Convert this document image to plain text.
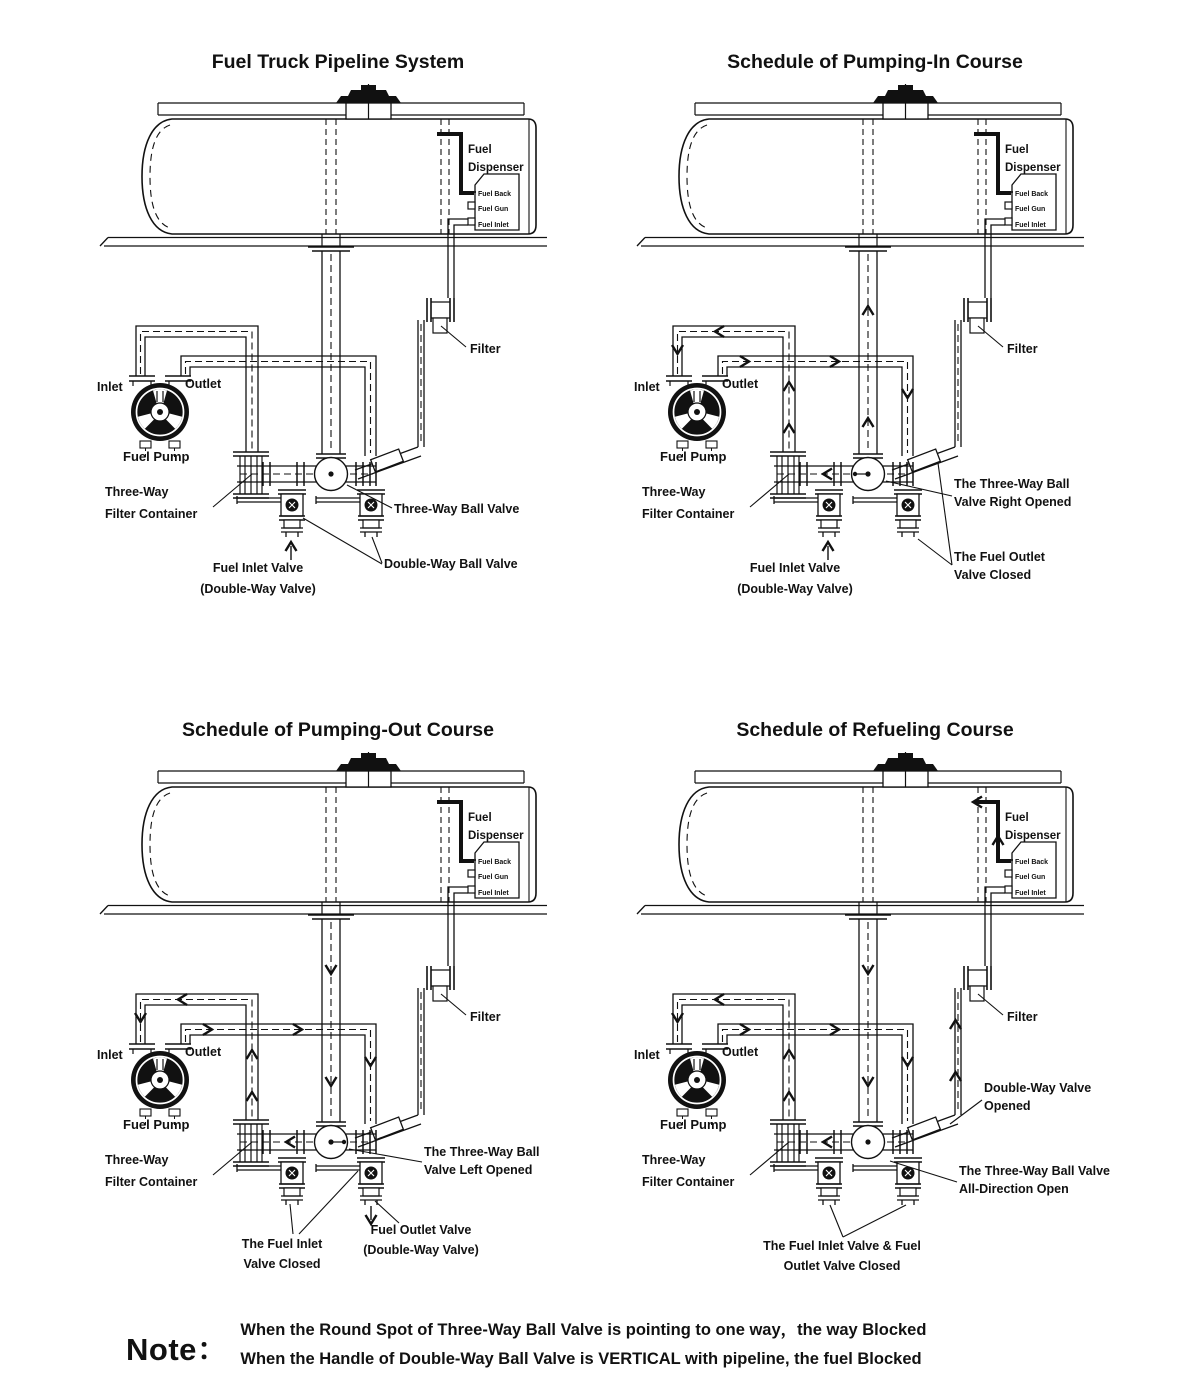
Fuel Truck Pipeline System
Fuel
Dispenser
Fuel Back
Fuel Gun
Fuel Inlet
Filter
Inlet	Outlet
Fuel Pump
Three-Way
Filter Container	Three-Way Ball Valve
Double-Way Ball Valve
Fuel Inlet Valve
(Double-Way Valve)
Schedule of Pumping-In Course
Fuel
Dispenser
Fuel Back
Fuel Gun
Fuel Inlet
Filter
Inlet	Outlet
Fuel Pump
Three-Way
Filter Container
The Three-Way Ball
Valve Right Opened
The Fuel Outlet
Valve Closed
Fuel Inlet Valve
(Double-Way Valve)
Schedule of Pumping-Out Course
Fuel
Dispenser
Fuel Back
Fuel Gun
Fuel Inlet
Filter
Inlet	Outlet
Fuel Pump
Three-Way
Filter Container
The Three-Way Ball
Valve Left Opened
The Fuel Inlet
Valve Closed
Fuel Outlet Valve
(Double-Way Valve)
Schedule of Refueling Course
Fuel
Dispenser
Fuel Back
Fuel Gun
Fuel Inlet
Filter
Inlet	Outlet
Fuel Pump
Three-Way
Filter Container
Double-Way Valve
Opened
The Three-Way Ball Valve
All-Direction Open
The Fuel Inlet Valve & Fuel
Outlet Valve Closed
Note：
When the Round Spot of Three-Way Ball Valve is pointing to one way，the way Blocked
When the Handle of Double-Way Ball Valve is VERTICAL with pipeline, the fuel Blocked
